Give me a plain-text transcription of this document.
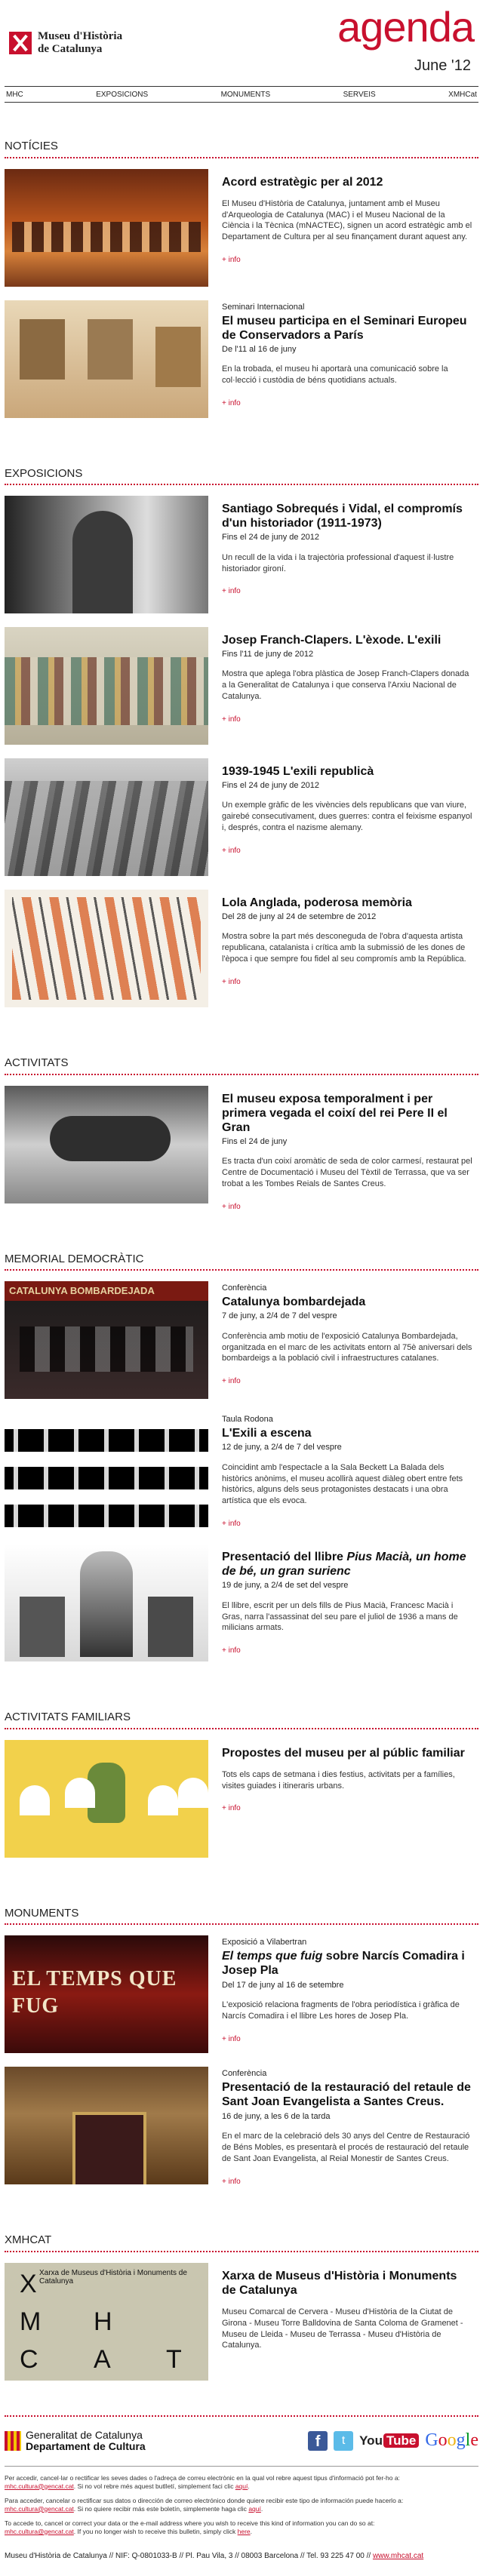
Museu d'Història
de Catalunya	agenda
June '12
MHC	EXPOSICIONS	MONUMENTS	SERVEIS	XMHCat
NOTÍCIES
Acord estratègic per al 2012
El Museu d'Història de Catalunya, juntament amb el Museu d'Arqueologia de Catalunya (MAC) i el Museu Nacional de la Ciència i la Tècnica (mNACTEC), signen un acord estratègic amb el Departament de Cultura per al seu finançament durant aquest any.
+ info
Seminari Internacional
El museu participa en el Seminari Europeu de Conservadors a París
De l'11 al 16 de juny
En la trobada, el museu hi aportarà una comunicació sobre la col·lecció i custòdia de béns quotidians actuals.
+ info
EXPOSICIONS
Santiago Sobrequés i Vidal, el compromís d'un historiador (1911-1973)
Fins el 24 de juny de 2012
Un recull de la vida i la trajectòria professional d'aquest il·lustre historiador gironí.
+ info
Josep Franch-Clapers. L'èxode. L'exili
Fins l'11 de juny de 2012
Mostra que aplega l'obra plàstica de Josep Franch-Clapers donada a la Generalitat de Catalunya i que conserva l'Arxiu Nacional de Catalunya.
+ info
1939-1945 L'exili republicà
Fins el 24 de juny de 2012
Un exemple gràfic de les vivències dels republicans que van viure, gairebé consecutivament, dues guerres: contra el feixisme espanyol i, després, contra el nazisme alemany.
+ info
Lola Anglada, poderosa memòria
Del 28 de juny al 24 de setembre de 2012
Mostra sobre la part més desconeguda de l'obra d'aquesta artista republicana, catalanista i crítica amb la submissió de les dones de l'època i que sempre fou fidel al seu compromís amb la República.
+ info
ACTIVITATS
El museu exposa temporalment i per primera vegada el coixí del rei Pere II el Gran
Fins el 24 de juny
Es tracta d'un coixí aromàtic de seda de color carmesí, restaurat pel Centre de Documentació i Museu del Tèxtil de Terrassa, que va ser trobat a les Tombes Reials de Santes Creus.
+ info
MEMORIAL DEMOCRÀTIC
CATALUNYA BOMBARDEJADA	Conferència
Catalunya bombardejada
7 de juny, a 2/4 de 7 del vespre
Conferència amb motiu de l'exposició Catalunya Bombardejada, organitzada en el marc de les activitats entorn al 75è aniversari dels bombardeigs a la població civil i infraestructures catalanes.
+ info
Taula Rodona
L'Exili a escena
12 de juny, a 2/4 de 7 del vespre
Coincidint amb l'espectacle a la Sala Beckett La Balada dels històrics anònims, el museu acollirà aquest diàleg obert entre fets històrics, alguns dels seus protagonistes destacats i una obra artística que els evoca.
+ info
Presentació del llibre Pius Macià, un home de bé, un gran surienc
19 de juny, a 2/4 de set del vespre
El llibre, escrit per un dels fills de Pius Macià, Francesc Macià i Gras, narra l'assassinat del seu pare el juliol de 1936 a mans de milicians armats.
+ info
ACTIVITATS FAMILIARS
Propostes del museu per al públic familiar
Tots els caps de setmana i dies festius, activitats per a famílies, visites guiades i itineraris urbans.
+ info
MONUMENTS
EL TEMPS QUE FUG
Exposició a Vilabertran
El temps que fuig sobre Narcís Comadira i Josep Pla
Del 17 de juny al 16 de setembre
L'exposició relaciona fragments de l'obra periodística i gràfica de Narcís Comadira i el llibre Les hores de Josep Pla.
+ info
Conferència
Presentació de la restauració del retaule de Sant Joan Evangelista a Santes Creus.
16 de juny, a les 6 de la tarda
En el marc de la celebració dels 30 anys del Centre de Restauració de Béns Mobles, es presentarà el procés de restauració del retaule de Sant Joan Evangelista, al Reial Monestir de Santes Creus.
+ info
XMHCAT
X Xarxa de Museus d'Història i Monuments de Catalunya
M H
C A T
Xarxa de Museus d'Història i Monuments de Catalunya
Museu Comarcal de Cervera - Museu d'Història de la Ciutat de Girona - Museu Torre Balldovina de Santa Coloma de Gramenet - Museu de Lleida - Museu de Terrassa - Museu d'Història de Catalunya.
Generalitat de Catalunya
Departament de Cultura	f	t	You Tube Google

Per accedir, cancel·lar o rectificar les seves dades o l'adreça de correu electrònic en la qual vol rebre aquest tipus d'informació pot fer-ho a:
mhc.cultura@gencat.cat. Si no vol rebre més aquest butlletí, simplement faci clic aquí.

Para acceder, cancelar o rectificar sus datos o dirección de correo electrónico donde quiere recibir este tipo de información puede hacerlo a:
mhc.cultura@gencat.cat. Si no quiere recibir más este boletín, simplemente haga clic aquí.

To accede to, cancel or correct your data or the e-mail address where you wish to receive this kind of information you can do so at:
mhc.cultura@gencat.cat. If you no longer wish to receive this bulletin, simply click here.

Museu d'Història de Catalunya // NIF: Q-0801033-B // Pl. Pau Vila, 3 // 08003 Barcelona // Tel. 93 225 47 00 // www.mhcat.cat
